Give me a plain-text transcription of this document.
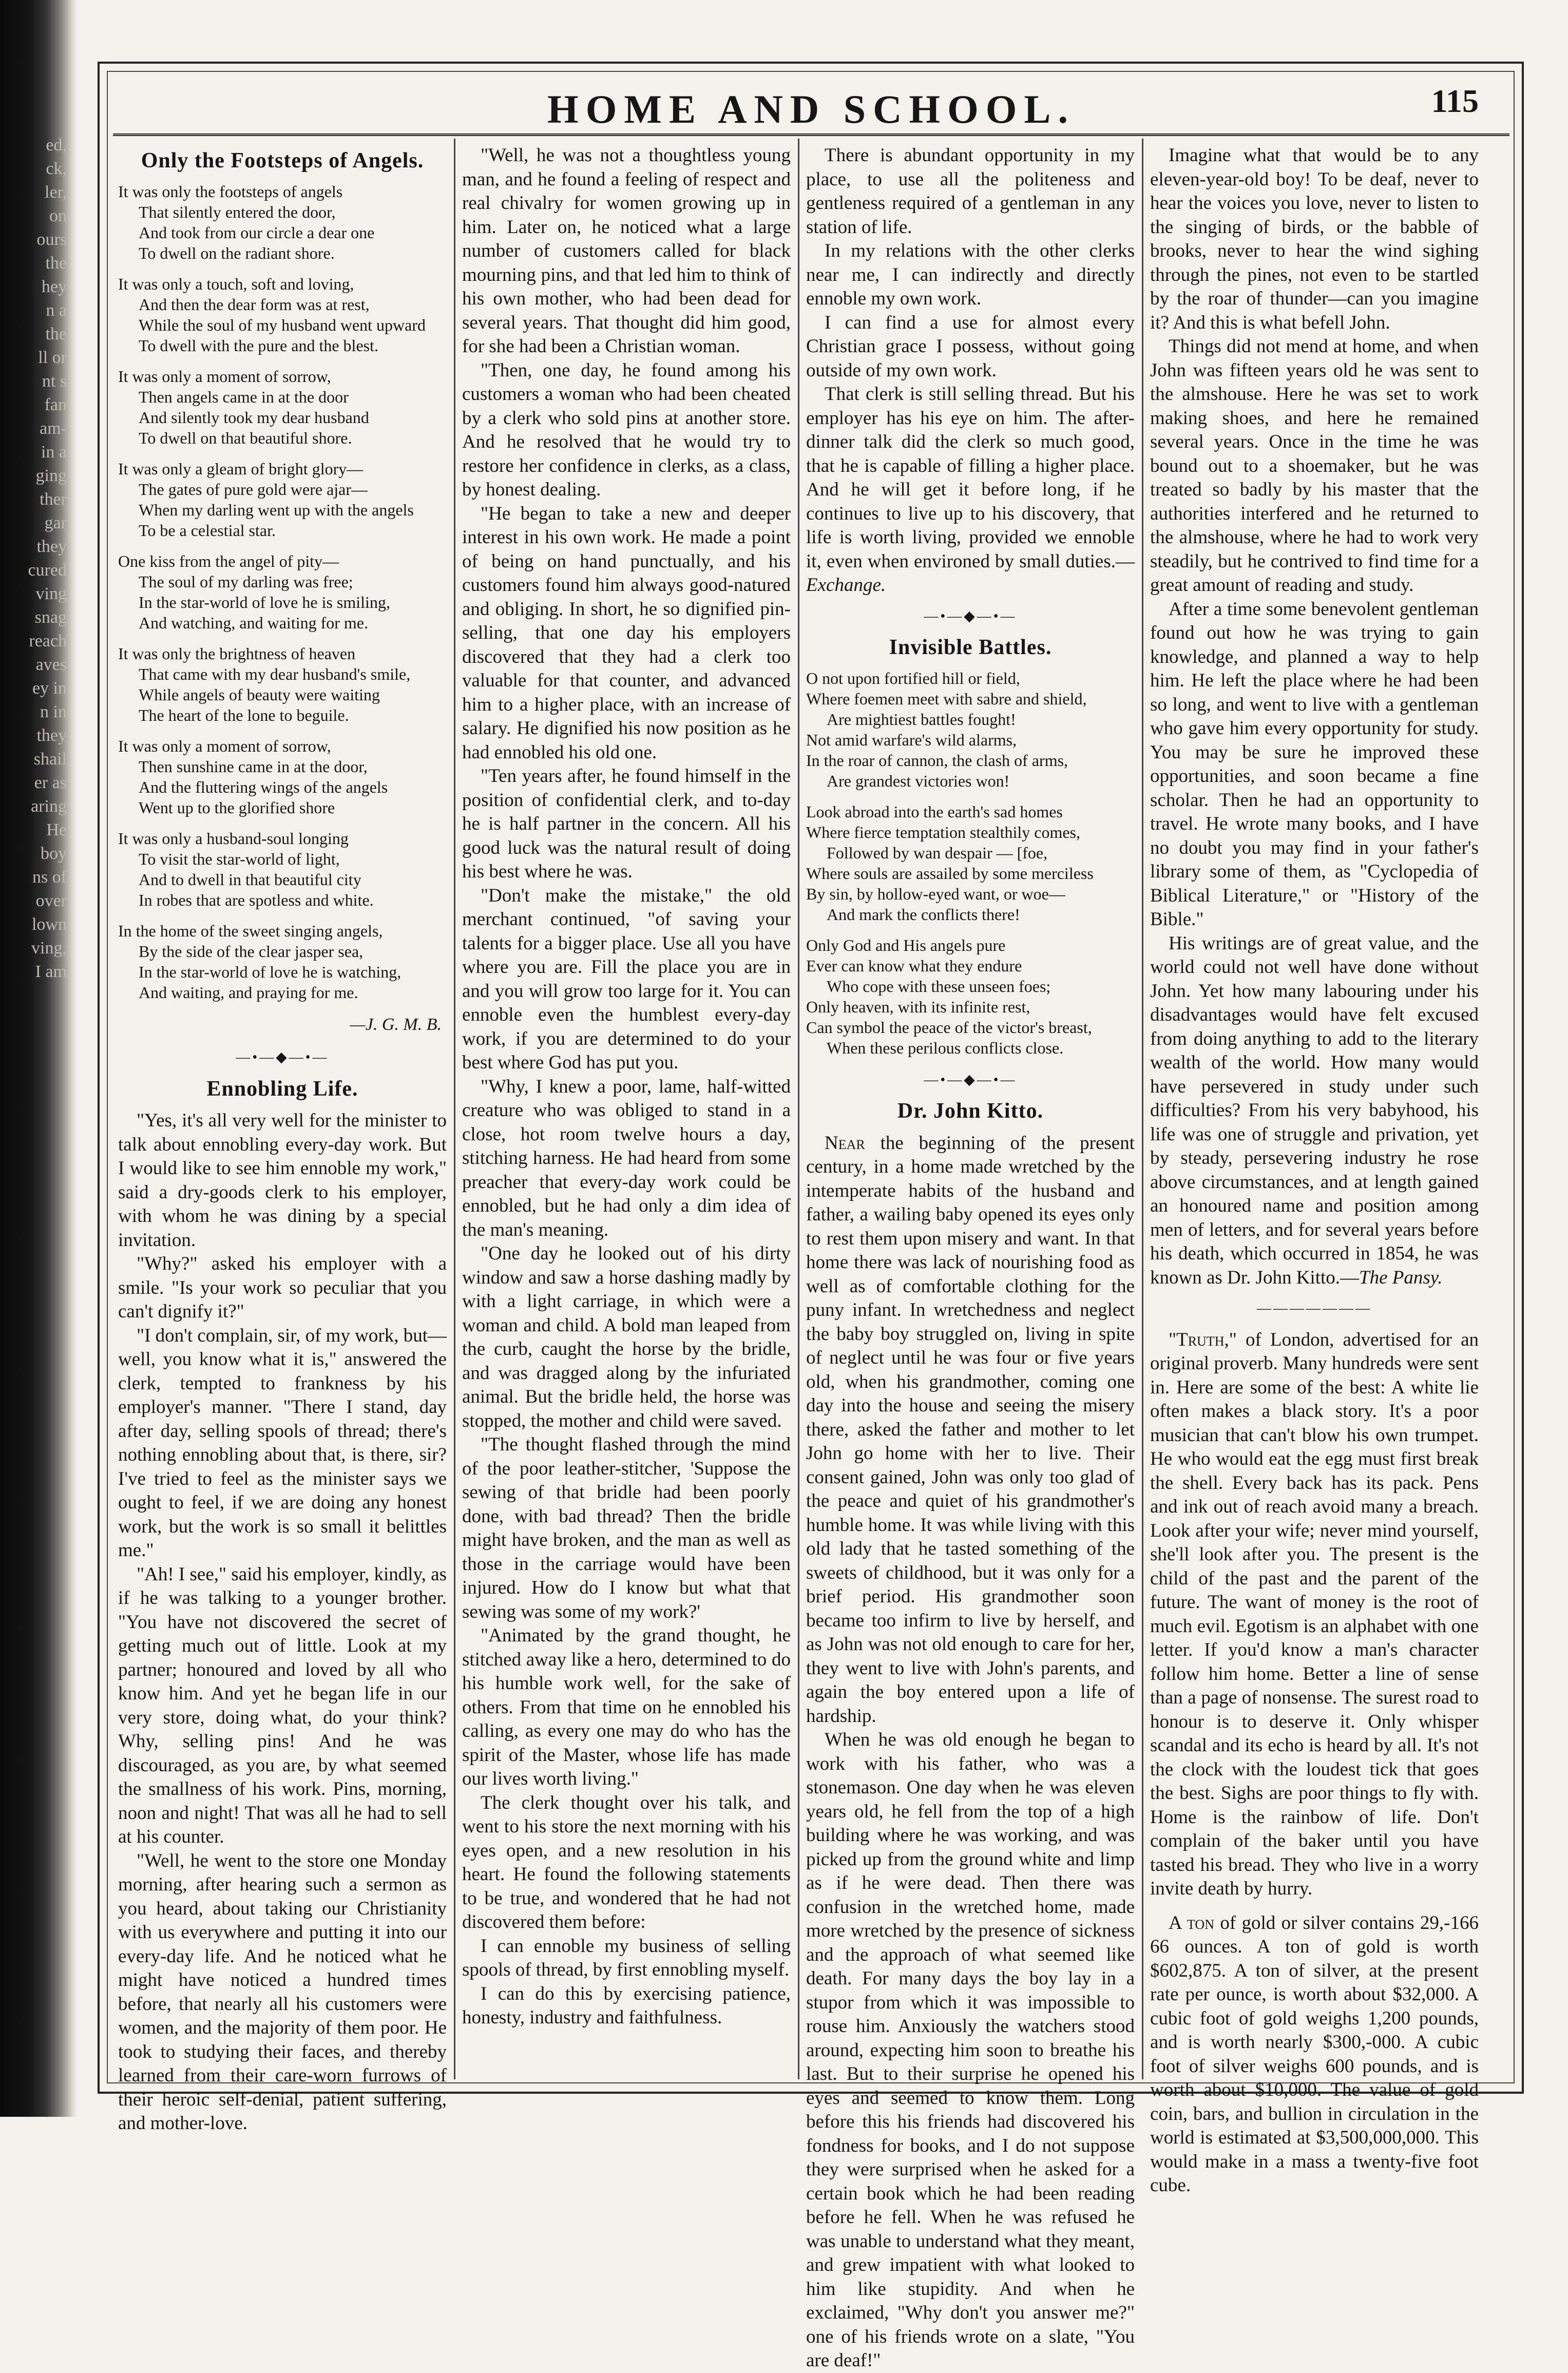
ed,
ck,
ler,
on
ours
the
hey
n a
the
ll or
nt s
fan
am-
in a
ging
ther
gar
they
cured
ving
snag
reach
aves
ey in
n in
they
shail
er as
aring
He
boy
ns of
over
lown
ving,
I am
HOME AND SCHOOL.	115
Only the Footsteps of Angels.
It was only the footsteps of angels
That silently entered the door,
And took from our circle a dear one
To dwell on the radiant shore.
It was only a touch, soft and loving,
And then the dear form was at rest,
While the soul of my husband went upward
To dwell with the pure and the blest.
It was only a moment of sorrow,
Then angels came in at the door
And silently took my dear husband
To dwell on that beautiful shore.
It was only a gleam of bright glory—
The gates of pure gold were ajar—
When my darling went up with the angels
To be a celestial star.
One kiss from the angel of pity—
The soul of my darling was free;
In the star-world of love he is smiling,
And watching, and waiting for me.
It was only the brightness of heaven
That came with my dear husband's smile,
While angels of beauty were waiting
The heart of the lone to beguile.
It was only a moment of sorrow,
Then sunshine came in at the door,
And the fluttering wings of the angels
Went up to the glorified shore
It was only a husband-soul longing
To visit the star-world of light,
And to dwell in that beautiful city
In robes that are spotless and white.
In the home of the sweet singing angels,
By the side of the clear jasper sea,
In the star-world of love he is watching,
And waiting, and praying for me.
—J. G. M. B.
—•—◆—•—
Ennobling Life.

"Yes, it's all very well for the minister to talk about ennobling every-day work. But I would like to see him ennoble my work," said a dry-goods clerk to his employer, with whom he was dining by a special invitation.

"Why?" asked his employer with a smile. "Is your work so peculiar that you can't dignify it?"

"I don't complain, sir, of my work, but—well, you know what it is," answered the clerk, tempted to frankness by his employer's manner. "There I stand, day after day, selling spools of thread; there's nothing ennobling about that, is there, sir? I've tried to feel as the minister says we ought to feel, if we are doing any honest work, but the work is so small it belittles me."

"Ah! I see," said his employer, kindly, as if he was talking to a younger brother. "You have not discovered the secret of getting much out of little. Look at my partner; honoured and loved by all who know him. And yet he began life in our very store, doing what, do your think? Why, selling pins! And he was discouraged, as you are, by what seemed the smallness of his work. Pins, morning, noon and night! That was all he had to sell at his counter.

"Well, he went to the store one Monday morning, after hearing such a sermon as you heard, about taking our Christianity with us everywhere and putting it into our every-day life. And he noticed what he might have noticed a hundred times before, that nearly all his customers were women, and the majority of them poor. He took to studying their faces, and thereby learned from their care-worn furrows of their heroic self-denial, patient suffering, and mother-love.

"Well, he was not a thoughtless young man, and he found a feeling of respect and real chivalry for women growing up in him. Later on, he noticed what a large number of customers called for black mourning pins, and that led him to think of his own mother, who had been dead for several years. That thought did him good, for she had been a Christian woman.

"Then, one day, he found among his customers a woman who had been cheated by a clerk who sold pins at another store. And he resolved that he would try to restore her confidence in clerks, as a class, by honest dealing.

"He began to take a new and deeper interest in his own work. He made a point of being on hand punctually, and his customers found him always good-natured and obliging. In short, he so dignified pin-selling, that one day his employers discovered that they had a clerk too valuable for that counter, and advanced him to a higher place, with an increase of salary. He dignified his now position as he had ennobled his old one.

"Ten years after, he found himself in the position of confidential clerk, and to-day he is half partner in the concern. All his good luck was the natural result of doing his best where he was.

"Don't make the mistake," the old merchant continued, "of saving your talents for a bigger place. Use all you have where you are. Fill the place you are in and you will grow too large for it. You can ennoble even the humblest every-day work, if you are determined to do your best where God has put you.

"Why, I knew a poor, lame, half-witted creature who was obliged to stand in a close, hot room twelve hours a day, stitching harness. He had heard from some preacher that every-day work could be ennobled, but he had only a dim idea of the man's meaning.

"One day he looked out of his dirty window and saw a horse dashing madly by with a light carriage, in which were a woman and child. A bold man leaped from the curb, caught the horse by the bridle, and was dragged along by the infuriated animal. But the bridle held, the horse was stopped, the mother and child were saved.

"The thought flashed through the mind of the poor leather-stitcher, 'Suppose the sewing of that bridle had been poorly done, with bad thread? Then the bridle might have broken, and the man as well as those in the carriage would have been injured. How do I know but what that sewing was some of my work?'

"Animated by the grand thought, he stitched away like a hero, determined to do his humble work well, for the sake of others. From that time on he ennobled his calling, as every one may do who has the spirit of the Master, whose life has made our lives worth living."

The clerk thought over his talk, and went to his store the next morning with his eyes open, and a new resolution in his heart. He found the following statements to be true, and wondered that he had not discovered them before:

I can ennoble my business of selling spools of thread, by first ennobling myself.

I can do this by exercising patience, honesty, industry and faithfulness.

There is abundant opportunity in my place, to use all the politeness and gentleness required of a gentleman in any station of life.

In my relations with the other clerks near me, I can indirectly and directly ennoble my own work.

I can find a use for almost every Christian grace I possess, without going outside of my own work.

That clerk is still selling thread. But his employer has his eye on him. The after-dinner talk did the clerk so much good, that he is capable of filling a higher place. And he will get it before long, if he continues to live up to his discovery, that life is worth living, provided we ennoble it, even when environed by small duties.—Exchange.

—•—◆—•—
Invisible Battles.
O not upon fortified hill or field,
Where foemen meet with sabre and shield,
Are mightiest battles fought!
Not amid warfare's wild alarms,
In the roar of cannon, the clash of arms,
Are grandest victories won!
Look abroad into the earth's sad homes
Where fierce temptation stealthily comes,
Followed by wan despair — [foe,
Where souls are assailed by some merciless
By sin, by hollow-eyed want, or woe—
And mark the conflicts there!
Only God and His angels pure
Ever can know what they endure
Who cope with these unseen foes;
Only heaven, with its infinite rest,
Can symbol the peace of the victor's breast,
When these perilous conflicts close.
—•—◆—•—
Dr. John Kitto.

Near the beginning of the present century, in a home made wretched by the intemperate habits of the husband and father, a wailing baby opened its eyes only to rest them upon misery and want. In that home there was lack of nourishing food as well as of comfortable clothing for the puny infant. In wretchedness and neglect the baby boy struggled on, living in spite of neglect until he was four or five years old, when his grandmother, coming one day into the house and seeing the misery there, asked the father and mother to let John go home with her to live. Their consent gained, John was only too glad of the peace and quiet of his grandmother's humble home. It was while living with this old lady that he tasted something of the sweets of childhood, but it was only for a brief period. His grandmother soon became too infirm to live by herself, and as John was not old enough to care for her, they went to live with John's parents, and again the boy entered upon a life of hardship.

When he was old enough he began to work with his father, who was a stonemason. One day when he was eleven years old, he fell from the top of a high building where he was working, and was picked up from the ground white and limp as if he were dead. Then there was confusion in the wretched home, made more wretched by the presence of sickness and the approach of what seemed like death. For many days the boy lay in a stupor from which it was impossible to rouse him. Anxiously the watchers stood around, expecting him soon to breathe his last. But to their surprise he opened his eyes and seemed to know them. Long before this his friends had discovered his fondness for books, and I do not suppose they were surprised when he asked for a certain book which he had been reading before he fell. When he was refused he was unable to understand what they meant, and grew impatient with what looked to him like stupidity. And when he exclaimed, "Why don't you answer me?" one of his friends wrote on a slate, "You are deaf!"

Imagine what that would be to any eleven-year-old boy! To be deaf, never to hear the voices you love, never to listen to the singing of birds, or the babble of brooks, never to hear the wind sighing through the pines, not even to be startled by the roar of thunder—can you imagine it? And this is what befell John.

Things did not mend at home, and when John was fifteen years old he was sent to the almshouse. Here he was set to work making shoes, and here he remained several years. Once in the time he was bound out to a shoemaker, but he was treated so badly by his master that the authorities interfered and he returned to the almshouse, where he had to work very steadily, but he contrived to find time for a great amount of reading and study.

After a time some benevolent gentleman found out how he was trying to gain knowledge, and planned a way to help him. He left the place where he had been so long, and went to live with a gentleman who gave him every opportunity for study. You may be sure he improved these opportunities, and soon became a fine scholar. Then he had an opportunity to travel. He wrote many books, and I have no doubt you may find in your father's library some of them, as "Cyclopedia of Biblical Literature," or "History of the Bible."

His writings are of great value, and the world could not well have done without John. Yet how many labouring under his disadvantages would have felt excused from doing anything to add to the literary wealth of the world. How many would have persevered in study under such difficulties? From his very babyhood, his life was one of struggle and privation, yet by steady, persevering industry he rose above circumstances, and at length gained an honoured name and position among men of letters, and for several years before his death, which occurred in 1854, he was known as Dr. John Kitto.—The Pansy.

———————

"Truth," of London, advertised for an original proverb. Many hundreds were sent in. Here are some of the best: A white lie often makes a black story. It's a poor musician that can't blow his own trumpet. He who would eat the egg must first break the shell. Every back has its pack. Pens and ink out of reach avoid many a breach. Look after your wife; never mind yourself, she'll look after you. The present is the child of the past and the parent of the future. The want of money is the root of much evil. Egotism is an alphabet with one letter. If you'd know a man's character follow him home. Better a line of sense than a page of nonsense. The surest road to honour is to deserve it. Only whisper scandal and its echo is heard by all. It's not the clock with the loudest tick that goes the best. Sighs are poor things to fly with. Home is the rainbow of life. Don't complain of the baker until you have tasted his bread. They who live in a worry invite death by hurry.

A ton of gold or silver contains 29,-166 66 ounces. A ton of gold is worth $602,875. A ton of silver, at the present rate per ounce, is worth about $32,000. A cubic foot of gold weighs 1,200 pounds, and is worth nearly $300,-000. A cubic foot of silver weighs 600 pounds, and is worth about $10,000. The value of gold coin, bars, and bullion in circulation in the world is estimated at $3,500,000,000. This would make in a mass a twenty-five foot cube.
